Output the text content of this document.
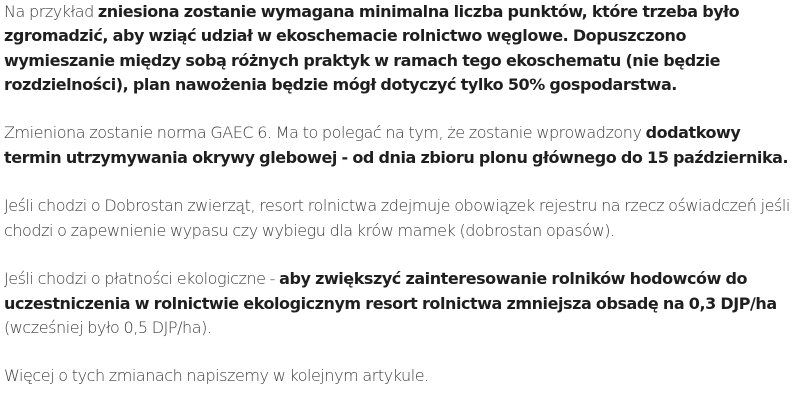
Na przykład zniesiona zostanie wymagana minimalna liczba punktów, które trzeba było zgromadzić, aby wziąć udział w ekoschemacie rolnictwo węglowe. Dopuszczono wymieszanie między sobą różnych praktyk w ramach tego ekoschematu (nie będzie rozdzielności), plan nawożenia będzie mógł dotyczyć tylko 50% gospodarstwa.

Zmieniona zostanie norma GAEC 6. Ma to polegać na tym, że zostanie wprowadzony dodatkowy termin utrzymywania okrywy glebowej - od dnia zbioru plonu głównego do 15 października.

Jeśli chodzi o Dobrostan zwierząt, resort rolnictwa zdejmuje obowiązek rejestru na rzecz oświadczeń jeśli chodzi o zapewnienie wypasu czy wybiegu dla krów mamek (dobrostan opasów).

Jeśli chodzi o płatności ekologiczne - aby zwiększyć zainteresowanie rolników hodowców do uczestniczenia w rolnictwie ekologicznym resort rolnictwa zmniejsza obsadę na 0,3 DJP/ha (wcześniej było 0,5 DJP/ha).

Więcej o tych zmianach napiszemy w kolejnym artykule.
